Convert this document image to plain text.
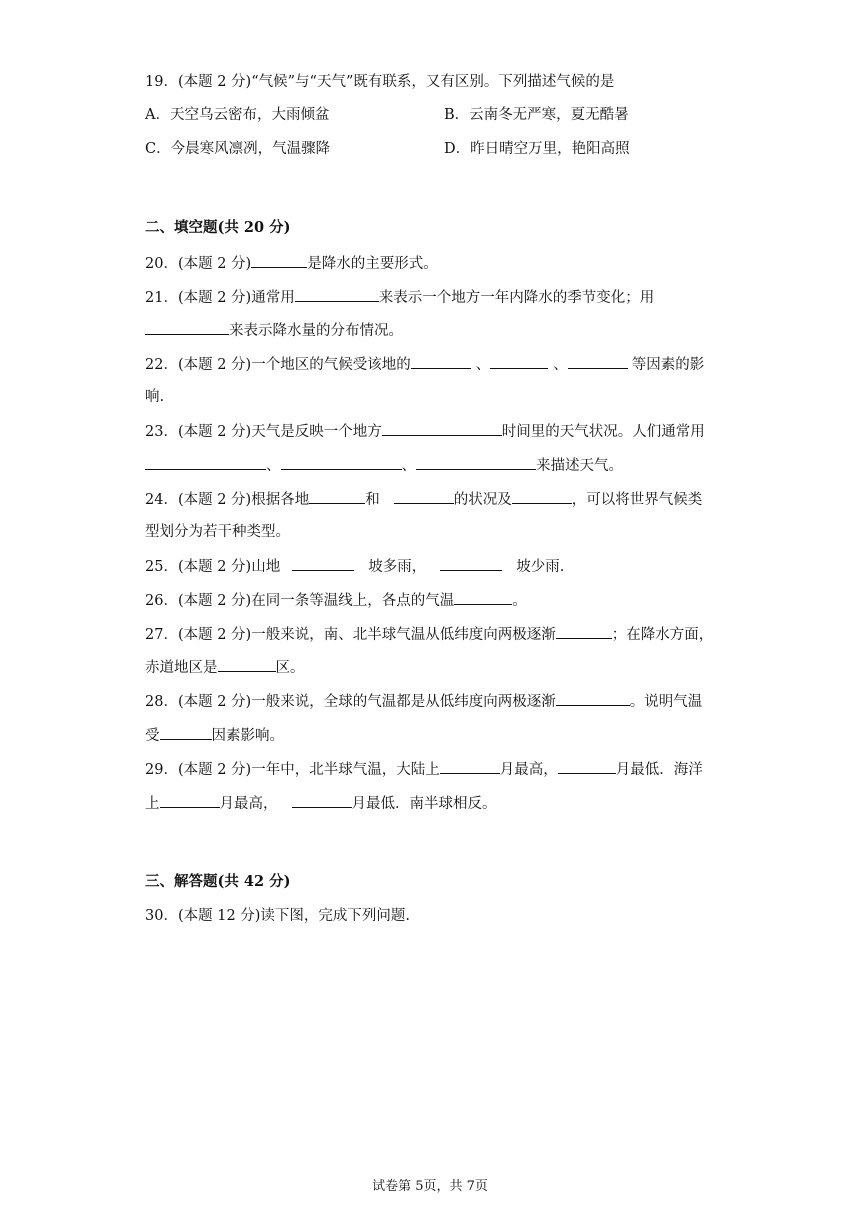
19．(本题 2 分)“气候”与“天气”既有联系，又有区别。下列描述气候的是
A．天空乌云密布，大雨倾盆	B．云南冬无严寒，夏无酷暑
C．今晨寒风凛冽，气温骤降	D．昨日晴空万里，艳阳高照
二、填空题(共 20 分)
20．(本题 2 分)	是降水的主要形式。
21．(本题 2 分)通常用	来表示一个地方一年内降水的季节变化；用
来表示降水量的分布情况。
22．(本题 2 分)一个地区的气候受该地的	、	、	等因素的影
响.
23．(本题 2 分)天气是反映一个地方	时间里的天气状况。人们通常用
、	、	来描述天气。
24．(本题 2 分)根据各地	和	的状况及	，可以将世界气候类
型划分为若干种类型。
25．(本题 2 分)山地	坡多雨，	坡少雨.
26．(本题 2 分)在同一条等温线上，各点的气温	。
27．(本题 2 分)一般来说，南、北半球气温从低纬度向两极逐渐	；在降水方面，
赤道地区是	区。
28．(本题 2 分)一般来说，全球的气温都是从低纬度向两极逐渐	。说明气温
受	因素影响。
29．(本题 2 分)一年中，北半球气温，大陆上	月最高，	月最低．海洋
上	月最高，	月最低．南半球相反。
三、解答题(共 42 分)
30．(本题 12 分)读下图，完成下列问题.
试卷第 5页，共 7页
